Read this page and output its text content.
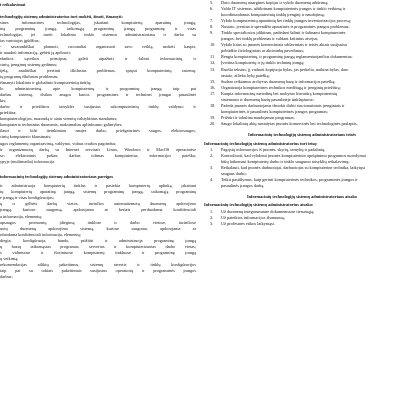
i reikalavimai
technologijų sistemų administratorius turi mokėti, žinoti, išmanyti:
sines informacinės technologijas, jskaitant kompiuterių aparatinę įrangą,
iną programinę įrangą, taikomąją programinę įrangą programinę ir visas
echnologijas, jei turėti lokalinio tinklo sistemos administratoriaus ir darbo su
ias vartotojas įgūdžius;
- savarankiškai planuoti, racionaliai organizuoti savo veiklą, mokėti kaupti,
ir naudoti informaciją, gebėti ją apdoroti;
eknikos sąveikos principus, galėti atpažinti ir šalinti informacinių ir
cinių, įrengimų sistemų gedimus;
ijėlą, analitiškai įvertinti iškilusias problemas, spręsti kompiuterinių sistemų,
ių programų iškilusias problemas;
išmanyti lokalinio ir globalinio kompiuterinių tinklų;
lo administravimą apie kompiuterinę ir programinę įrangą taip pat
darbas sistemų, išsikus ansgos kurios programines ir techninei įrangai pasaulinėi
kis;
darbo ir priežiūros taisyklės susijusias sukompiuterinių tinklų valdymo ir
priežiūra;
kompiuterologijos, mazoudą ir statu vienetų valstybinius standartus;
kompiuterio techninius duomenis, maksimalias aplinkvamo galimybes;
ilauti ir bilti iteinkimiau naujes darbo, priešgaisrinės saugos, elektrosaugos,
cinių kompiuterio klausimais;
ugos reglamentų organizavimą, valdymo, vidaus tvarkos pagrindus;
ir organizmuotų darbą su Internet servisais Linux, Windows ir MacOS operacinėse
se; elektroninis paštas, darbas tolimas kompiuterius, informacijos paieška;
ypyje (multimedia) informacija.
informacinių technologijų sistemų administratoriaus pareigos
ir administruoja kompiuterių tinklus ir pasiekia kompiuterių aplinką, įskaitant
ių kompiuterių aparatinę įrangą, sistemų programinę įrangą, taikomąją programinę
ė įrangą ir visas konfigūracijas;
ų ir gėlbėti darbų vietos, turinčios automatizmotų duomenų apdorojimo
įrangą, kuriose saugomą, apdorojama ar keriais perduodama konfidenciali
a informacija, elementų;
apsaugos priemonių įdiegimą tinklose ir darbo vietose, turinčiose
uotų duomenų apdorojimo sistemą, kuriose saugoma, apdorojama ar
rduodama konfidenciali informacija, elementų;
diegia, konfigūruoja, bando, prižiūri ir administruoja programinę įrangą
ų bazių taikomąsias programas, serverius ir kompiuterizuotas darbo vietas;
s vidiniuose ir išoriniuose kompiuterių tinkluose ir programinę įrangą
ų veikimą;
rekomendacijas atliktų pakeitimus, sistemų atvertis ir tinklų konfigūracijos
taip pat su tokiais pakeitimais susijusius operatorių ir programinės įrangos
darbus;
5. Daro duomenų atsargines kopijas ir vykdo duomenų atkūrimą;
6. Valdo IT sistemas, užtikrinant kompiuterinės įrangos ir tinklo veikimą ir
koordinuodamas kompiuterinių tinklų įrenginį ir naudojimą;
7. Vykdo kompiuterinių aparatinių bei tinklų įrangos inventorizacijos procesą;
8. Nustato, įvertina ir sprendžia aparatinės ir programinės įrangos problemas;
9. Tinklo specialiosios įdiktinas, padėdant šalinti ir šalinami kompiuterinės
įrangos, bei tinklų problemas ir valdant kritinius atvejus;
10. Vykdo kitus so įmonės komerciniais uždaviniais ir teisės aktais susijusius
pobūdžio fiziologiniais ar akcininkų pavedimus;
11. Rengia kompiuterinę, ir programinę įrangą reglamentuojančius dokumentus;
12. Įvertina kompiuterių ir jų tinklo techninę įrangą;
13. Ruošia tekstus, jį vaduoti kopijuoja bylas, jas perkelia, naikina bylas, daro
atstato, atlieka bylų paiešką;
15. Sudaro reikiamus archyvus duomenų bazę ir informacijos paiešką;
16. Organizuoja kompiuterines technikos medžiagą ir įrenginių priežiūrą;
17. Kaupia informacinę metodinę bei mokymo literatūrą kompiuterinių
sistemoms ir duomenų bazių pasaulinėje tinklapiuose;
18. Padeda įmonės darbuotojams išmokti dirbti stacionariniais įrenginiais ir
kompiuterinės ir pasaulinės kompiuterinės įrangos programas;
19. Prižiūri ir tobulina naudojamas programas;
20. Saugo lokalinių aktų nustatytas įmonės komercinės bei technologinės paslaptis.
Informacinių technologijų sistemų administratoriaus teisės
Informacinių technologijų sistemų administratorius turi teisę:
1. Pagrįstų informacijos iš įmonės, skyrių, tarnybų ir padalinių,
2. Kontroliuoti, kad vykdomi įmonės kompiuterinio aprūpinimo programos nurodymai
būtų laikomasi kompiuterių darbo ir tinklo saugumo taisyklių reikalavimų;
3. Reikalauti, kad įmonės darbuotojai, darbuotojus su kompiuterine technika, laikytųsi
saugaus darbo;
4. Teikti pasiūlymus, kaip gerinti kompiuterinės technikos, programinės įrangos ir
pasaulinės įrangos darbą.
Informacinių technologijų sistemų administratoriaus atsako
Informacinių technologijų sistemų administratorius atsako:
1. Už duomenų integraumasne dokumentuose tiesumąją;
2. Už pateiktos informacijos išsamumą;
3. Už profesinės etikos laikymąsi.
